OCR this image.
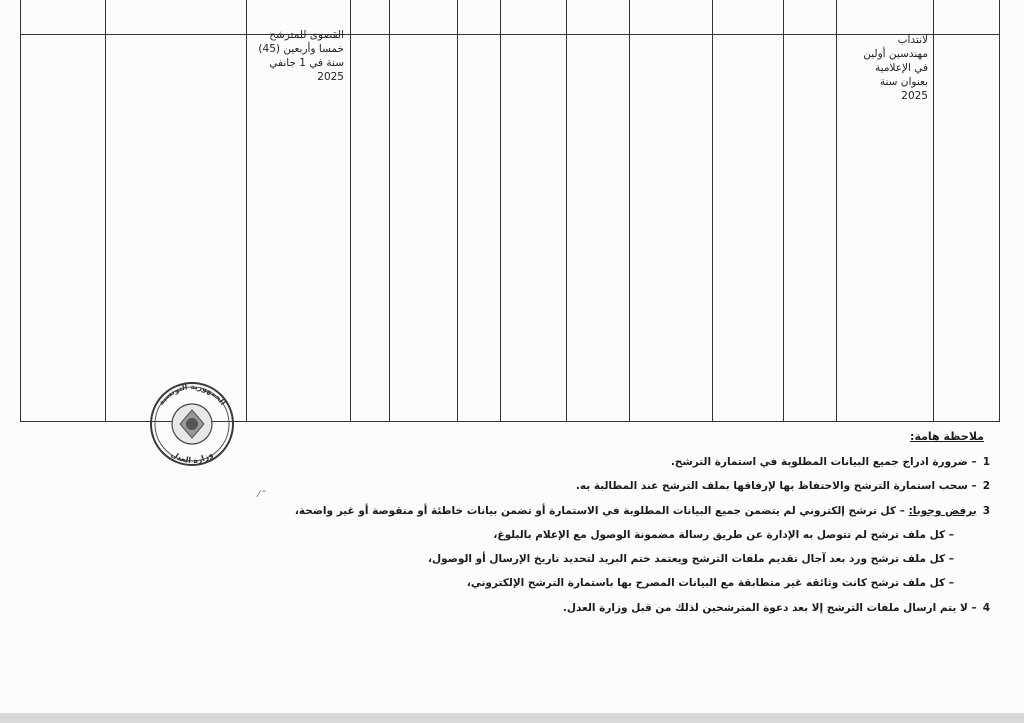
القصوى للمترشح
خمسا وأربعين (45)
سنة في 1 جانفي
2025
لانتداب
مهندسين أولين
في الإعلامية
بعنوان سنة
2025
الجمهورية التونسية
وزارة العدل
⁄ ″
ملاحظة هامة:
1– ضرورة ادراج جميع البيانات المطلوبة في استمارة الترشح.
2– سحب استمارة الترشح والاحتفاظ بها لإرفاقها بملف الترشح عند المطالبة به.
3برفض وجوبا: – كل ترشح إلكتروني لم يتضمن جميع البيانات المطلوبة في الاستمارة أو تضمن بيانات خاطئة أو منقوصة أو غير واضحة،
– كل ملف ترشح لم تتوصل به الإدارة عن طريق رسالة مضمونة الوصول مع الإعلام بالبلوغ،
– كل ملف ترشح ورد بعد آجال تقديم ملفات الترشح ويعتمد ختم البريد لتحديد تاريخ الإرسال أو الوصول،
– كل ملف ترشح كانت وثائقه غير متطابقة مع البيانات المصرح بها باستمارة الترشح الإلكتروني،
4– لا يتم ارسال ملفات الترشح إلا بعد دعوة المترشحين لذلك من قبل وزارة العدل.
